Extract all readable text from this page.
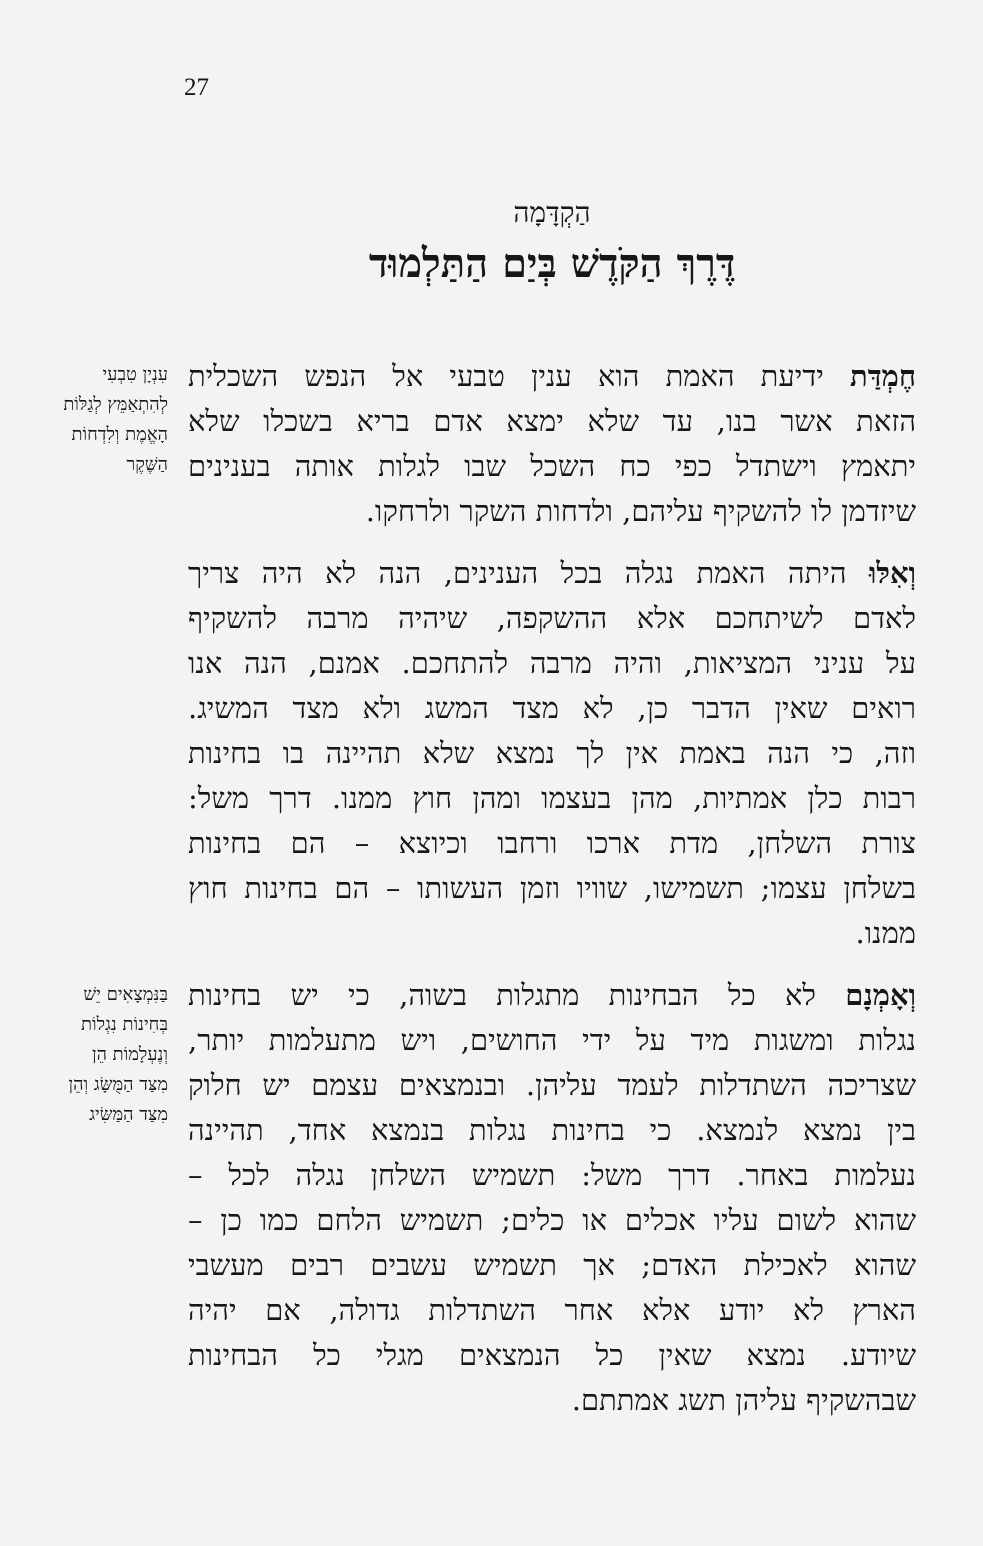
27
הַקְדָּמָה
דֶּרֶךְ הַקֹּדֶשׁ בְּיַם הַתַּלְמוּד
חֶמְדַּת ידיעת האמת הוא ענין טבעי אל הנפש השכלית
הזאת אשר בנו, עד שלא ימצא אדם בריא בשכלו שלא
יתאמץ וישתדל כפי כח השכל שבו לגלות אותה בענינים
שיזדמן לו להשקיף עליהם, ולדחות השקר ולרחקו.
וְאִלּוּ היתה האמת נגלה בכל הענינים, הנה לא היה צריך
לאדם לשיתחכם אלא ההשקפה, שיהיה מרבה להשקיף
על עניני המציאות, והיה מרבה להתחכם. אמנם, הנה אנו
רואים שאין הדבר כן, לא מצד המשג ולא מצד המשיג.
וזה, כי הנה באמת אין לך נמצא שלא תהיינה בו בחינות
רבות כלן אמתיות, מהן בעצמו ומהן חוץ ממנו. דרך משל:
צורת השלחן, מדת ארכו ורחבו וכיוצא – הם בחינות
בשלחן עצמו; תשמישו, שוויו וזמן העשותו – הם בחינות חוץ
ממנו.
וְאָמְנָם לא כל הבחינות מתגלות בשוה, כי יש בחינות
נגלות ומשגות מיד על ידי החושים, ויש מתעלמות יותר,
שצריכה השתדלות לעמד עליהן. ובנמצאים עצמם יש חלוק
בין נמצא לנמצא. כי בחינות נגלות בנמצא אחד, תהיינה
נעלמות באחר. דרך משל: תשמיש השלחן נגלה לכל –
שהוא לשום עליו אכלים או כלים; תשמיש הלחם כמו כן –
שהוא לאכילת האדם; אך תשמיש עשבים רבים מעשבי
הארץ לא יודע אלא אחר השתדלות גדולה, אם יהיה
שיודע. נמצא שאין כל הנמצאים מגלי כל הבחינות
שבהשקיף עליהן תשג אמתתם.
עִנְיָן טִבְעִי
לְהִתְאַמֵּץ לְגַלּוֹת
הָאֱמֶת וְלִדְחוֹת
הַשֶּׁקֶר
בַּנִּמְצָאִים יֵשׁ
בְּחִינוֹת נִגְלוֹת
וְנֶעְלָמוֹת הֵן
מִצַּד הַמֻּשָּׂג וְהֵן
מִצַּד הַמַּשִּׂיג
